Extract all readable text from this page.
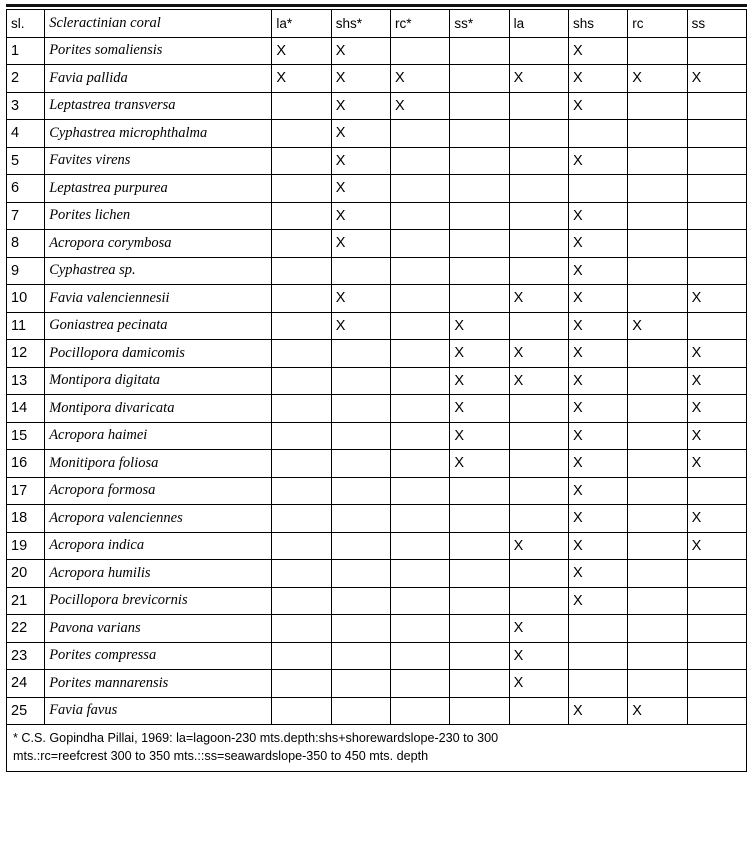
sl.	Scleractinian coral	la*	shs*	rc*	ss*	la	shs	rc	ss
1	Porites somaliensis	X	X				X		
2	Favia pallida	X	X	X		X	X	X	X
3	Leptastrea transversa		X	X			X		
4	Cyphastrea microphthalma		X						
5	Favites virens		X				X		
6	Leptastrea purpurea		X						
7	Porites lichen		X				X		
8	Acropora corymbosa		X				X		
9	Cyphastrea sp.						X		
10	Favia valenciennesii		X			X	X		X
11	Goniastrea pecinata		X		X		X	X	
12	Pocillopora damicomis				X	X	X		X
13	Montipora digitata				X	X	X		X
14	Montipora divaricata				X		X		X
15	Acropora haimei				X		X		X
16	Monitipora foliosa				X		X		X
17	Acropora formosa						X		
18	Acropora valenciennes						X		X
19	Acropora indica					X	X		X
20	Acropora humilis						X		
21	Pocillopora brevicornis						X		
22	Pavona varians					X			
23	Porites compressa					X			
24	Porites mannarensis					X			
25	Favia favus						X	X	

* C.S. Gopindha Pillai, 1969: la=lagoon-230 mts.depth:shs+shorewardslope-230 to 300
mts.:rc=reefcrest 300 to 350 mts.::ss=seawardslope-350 to 450 mts. depth									
